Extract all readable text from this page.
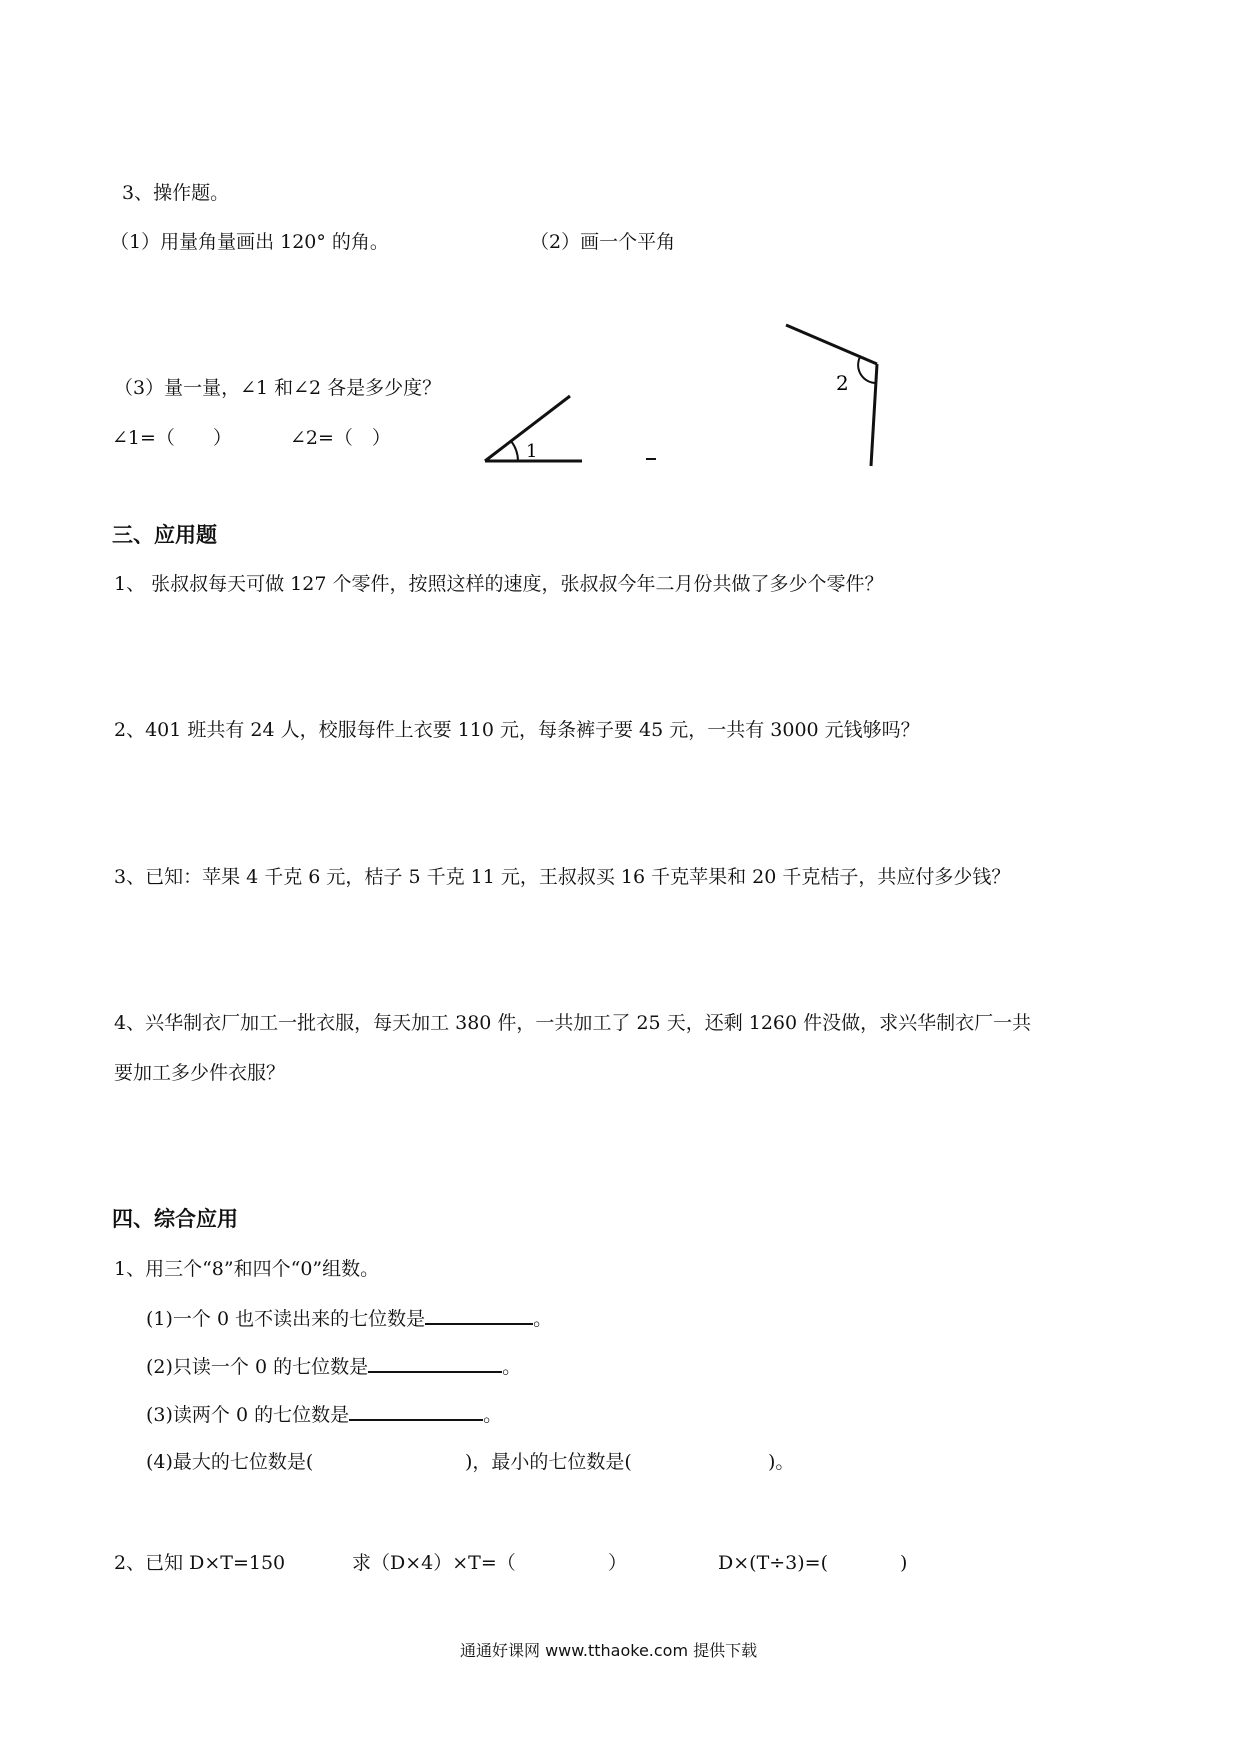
3、操作题。
（1）用量角量画出 120° 的角。	（2）画一个平角
（3）量一量，∠1 和∠2 各是多少度？
∠1=（　　）	∠2=（　）
1
2
三、应用题
1、 张叔叔每天可做 127 个零件，按照这样的速度，张叔叔今年二月份共做了多少个零件？
2、401 班共有 24 人，校服每件上衣要 110 元，每条裤子要 45 元，一共有 3000 元钱够吗？
3、已知：苹果 4 千克 6 元，桔子 5 千克 11 元，王叔叔买 16 千克苹果和 20 千克桔子，共应付多少钱？
4、兴华制衣厂加工一批衣服，每天加工 380 件，一共加工了 25 天，还剩 1260 件没做，求兴华制衣厂一共
要加工多少件衣服？
四、综合应用
1、用三个“8”和四个“0”组数。
(1)一个 0 也不读出来的七位数是	。
(2)只读一个 0 的七位数是	。
(3)读两个 0 的七位数是	。
(4)最大的七位数是(	)，最小的七位数是(	)。
2、已知 D×T=150	求（D×4）×T=（	）	D×(T÷3)=(	)
通通好课网 www.tthaoke.com 提供下载
